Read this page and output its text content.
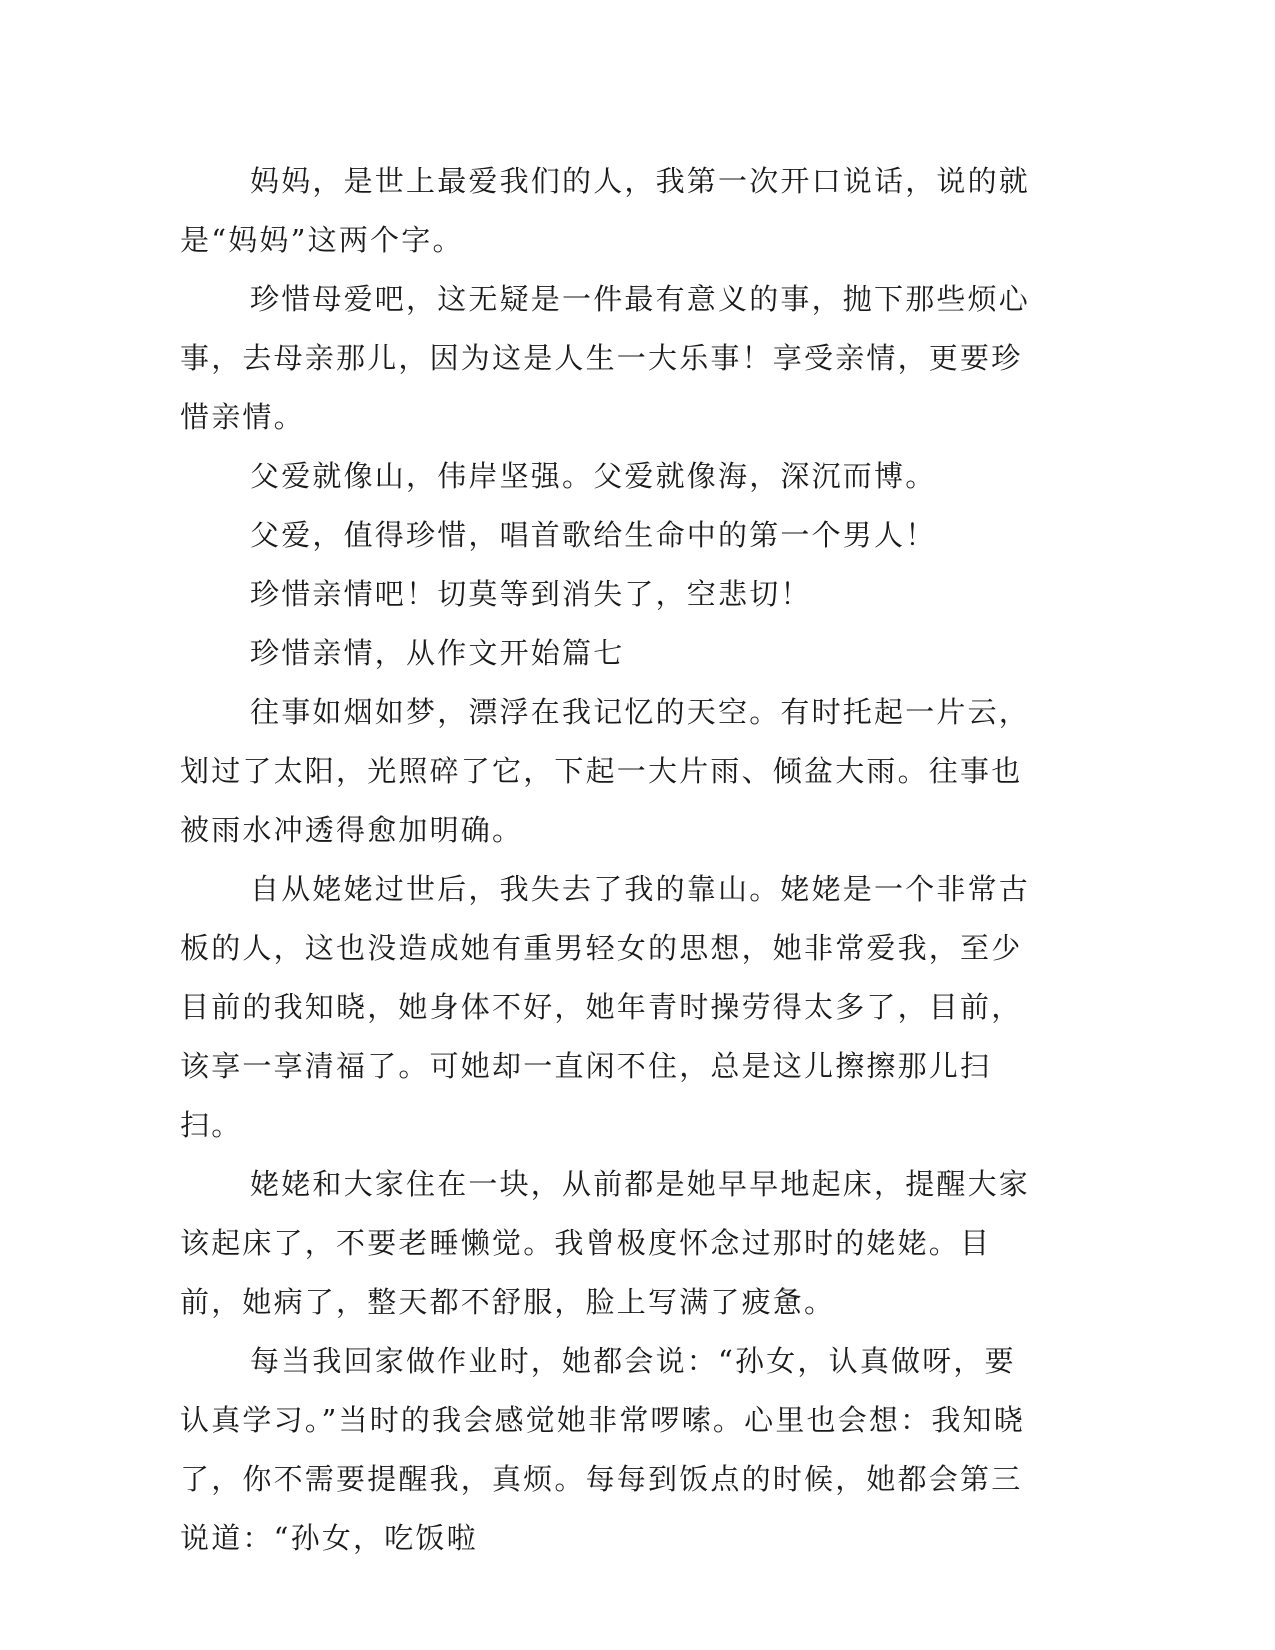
妈妈，是世上最爱我们的人，我第一次开口说话，说的就是“妈妈”这两个字。

珍惜母爱吧，这无疑是一件最有意义的事，抛下那些烦心事，去母亲那儿，因为这是人生一大乐事！享受亲情，更要珍惜亲情。

父爱就像山，伟岸坚强。父爱就像海，深沉而博。

父爱，值得珍惜，唱首歌给生命中的第一个男人！

珍惜亲情吧！切莫等到消失了，空悲切！

珍惜亲情，从作文开始篇七

往事如烟如梦，漂浮在我记忆的天空。有时托起一片云，划过了太阳，光照碎了它，下起一大片雨、倾盆大雨。往事也被雨水冲透得愈加明确。

自从姥姥过世后，我失去了我的靠山。姥姥是一个非常古板的人，这也没造成她有重男轻女的思想，她非常爱我，至少目前的我知晓，她身体不好，她年青时操劳得太多了，目前，该享一享清福了。可她却一直闲不住，总是这儿擦擦那儿扫扫。

姥姥和大家住在一块，从前都是她早早地起床，提醒大家该起床了，不要老睡懒觉。我曾极度怀念过那时的姥姥。目前，她病了，整天都不舒服，脸上写满了疲惫。

每当我回家做作业时，她都会说：“孙女，认真做呀，要认真学习。”当时的我会感觉她非常啰嗦。心里也会想：我知晓了，你不需要提醒我，真烦。每每到饭点的时候，她都会第三说道：“孙女，吃饭啦
